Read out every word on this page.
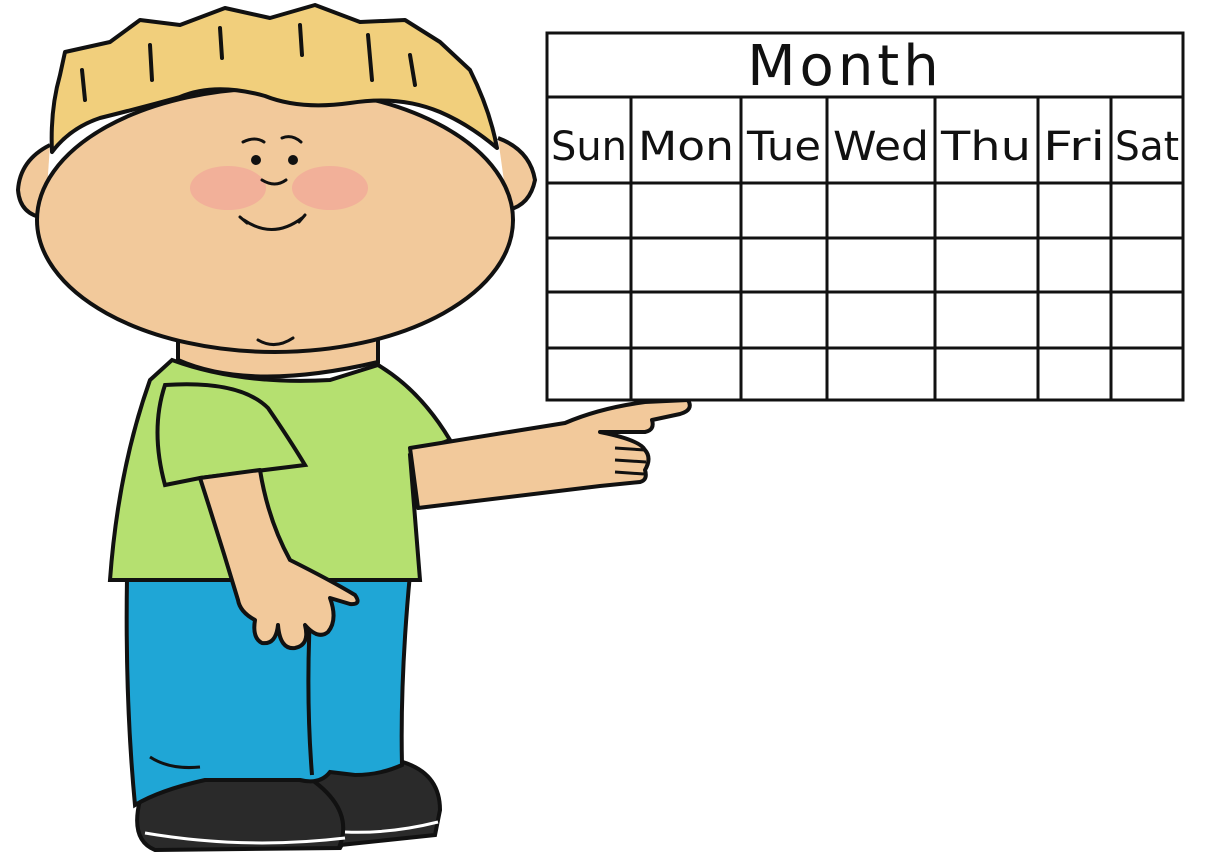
Month
Sun Mon Tue Wed Thu Fri Sat
